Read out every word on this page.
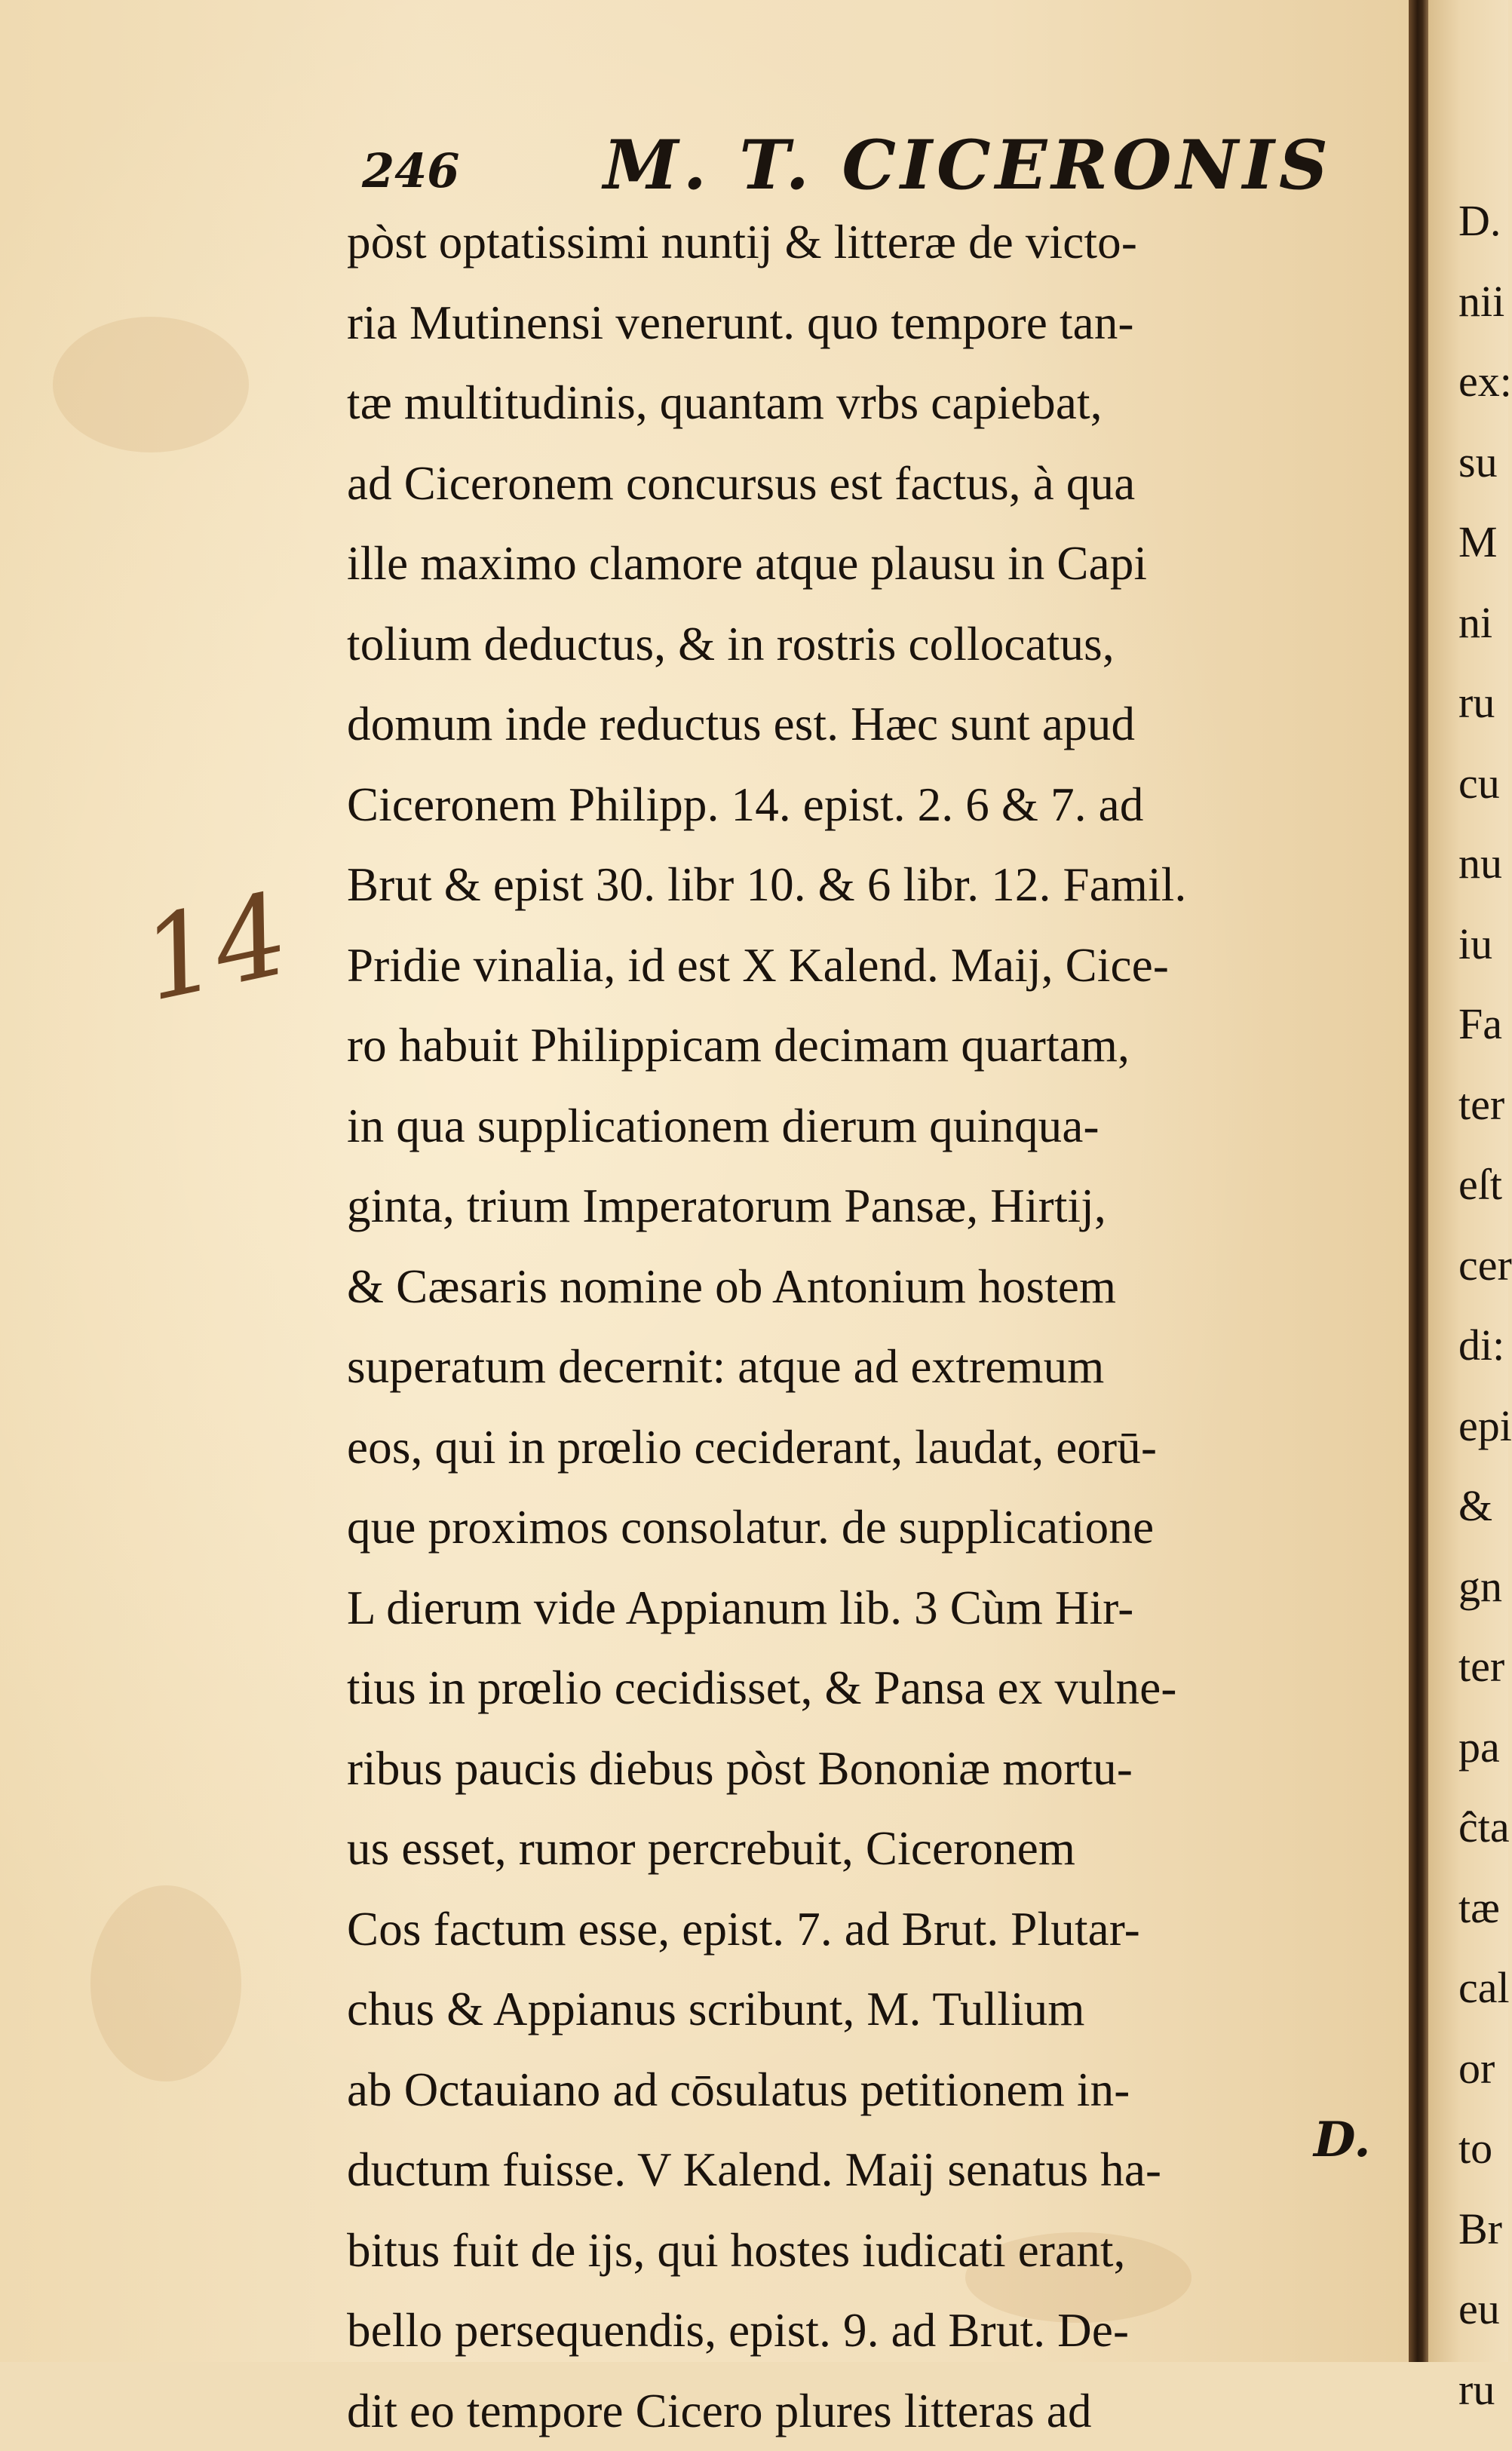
246 M. T. CICERONIS
14
pòst optatissimi nuntij & litteræ de victo-
ria Mutinensi venerunt. quo tempore tan-
tæ multitudinis, quantam vrbs capiebat,
ad Ciceronem concursus est factus, à qua
ille maximo clamore atque plausu in Capi
tolium deductus, & in rostris collocatus,
domum inde reductus est. Hæc sunt apud
Ciceronem Philipp. 14. epist. 2. 6 & 7. ad
Brut & epist 30. libr 10. & 6 libr. 12. Famil.
Pridie vinalia, id est X Kalend. Maij, Cice-
ro habuit Philippicam decimam quartam,
in qua supplicationem dierum quinqua-
ginta, trium Imperatorum Pansæ, Hirtij,
& Cæsaris nomine ob Antonium hostem
superatum decernit: atque ad extremum
eos, qui in prœlio ceciderant, laudat, eorū-
que proximos consolatur. de supplicatione
L dierum vide Appianum lib. 3 Cùm Hir-
tius in prœlio cecidisset, & Pansa ex vulne-
ribus paucis diebus pòst Bononiæ mortu-
us esset, rumor percrebuit, Ciceronem
Cos factum esse, epist. 7. ad Brut. Plutar-
chus & Appianus scribunt, M. Tullium
ab Octauiano ad cōsulatus petitionem in-
ductum fuisse. V Kalend. Maij senatus ha-
bitus fuit de ijs, qui hostes iudicati erant,
bello persequendis, epist. 9. ad Brut. De-
dit eo tempore Cicero plures litteras ad
D.
D.
nii
ex:
su
M
ni
ru
cu
nu
iu
Fa
ter
eſt
cer
di:
epi
&
gn
ter
pa
ĉta
tæ
cal
or
to
Br
eu
ru
